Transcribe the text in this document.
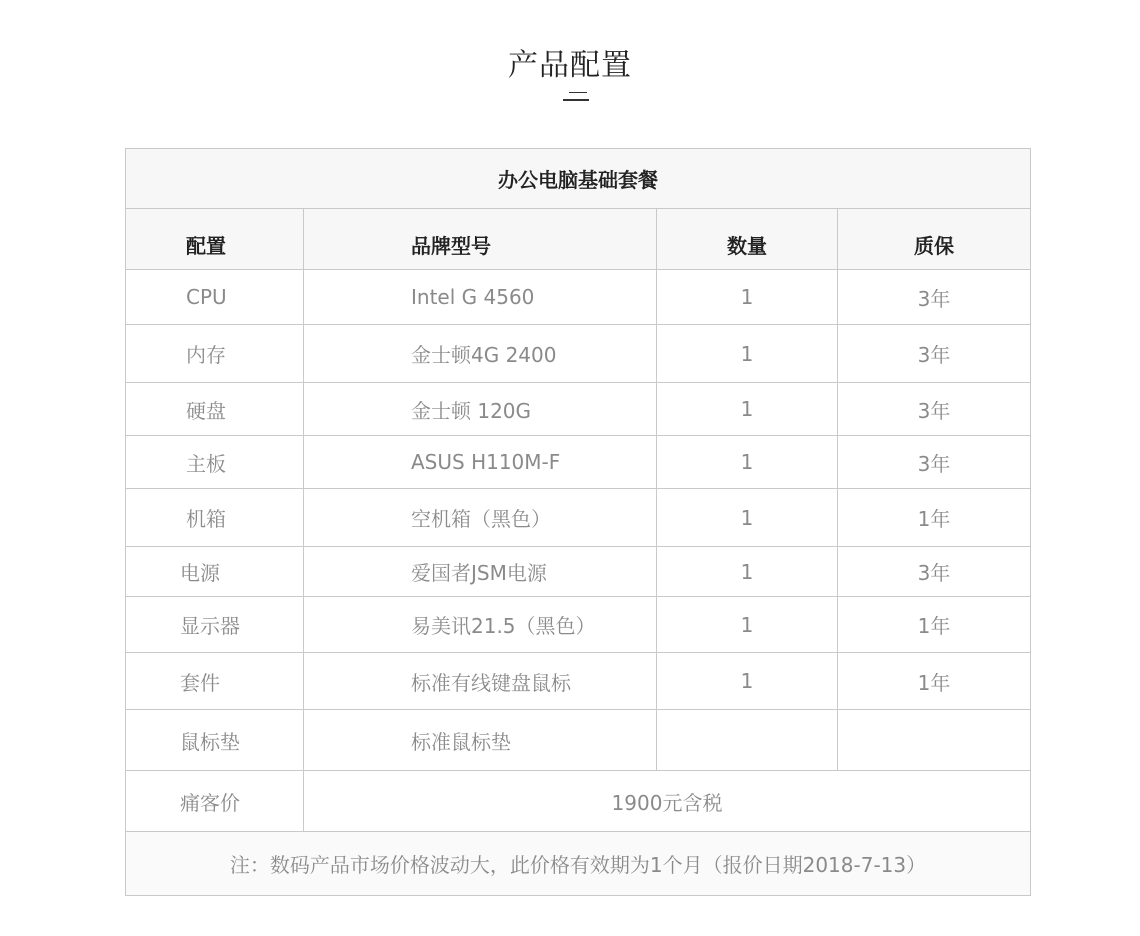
产品配置
办公电脑基础套餐			
配置	品牌型号	数量	质保
CPU	Intel G 4560	1	3年
内存	金士顿4G 2400	1	3年
硬盘	金士顿 120G	1	3年
主板	ASUS H110M-F	1	3年
机箱	空机箱（黑色）	1	1年
电源	爱国者JSM电源	1	3年
显示器	易美讯21.5（黑色）	1	1年
套件	标准有线键盘鼠标	1	1年
鼠标垫	标准鼠标垫		
痛客价	1900元含税		
注：数码产品市场价格波动大，此价格有效期为1个月（报价日期2018-7-13）			
